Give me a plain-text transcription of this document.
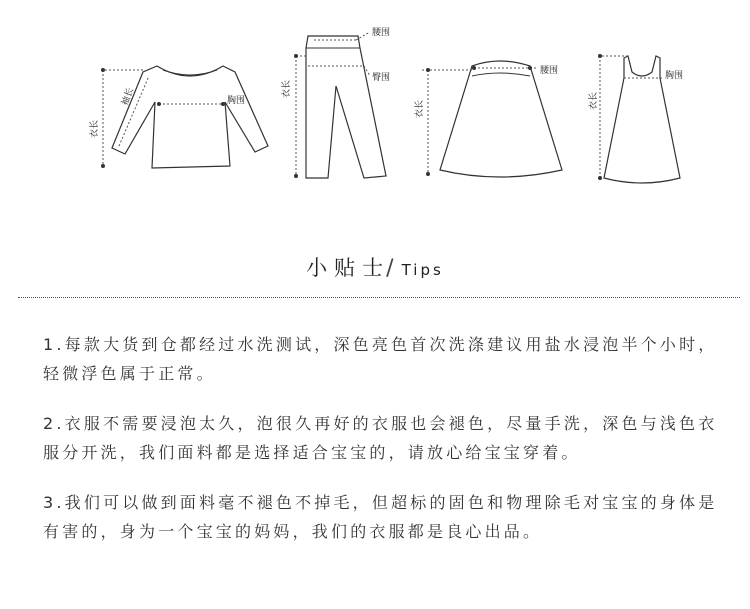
衣长
袖长	胸围
衣长
腰围
臀围
衣长
腰围
衣长
胸围
小贴士/ Tips

1.每款大货到仓都经过水洗测试，深色亮色首次洗涤建议用盐水浸泡半个小时，轻微浮色属于正常。

2.衣服不需要浸泡太久，泡很久再好的衣服也会褪色，尽量手洗，深色与浅色衣服分开洗，我们面料都是选择适合宝宝的，请放心给宝宝穿着。

3.我们可以做到面料毫不褪色不掉毛，但超标的固色和物理除毛对宝宝的身体是有害的，身为一个宝宝的妈妈，我们的衣服都是良心出品。
